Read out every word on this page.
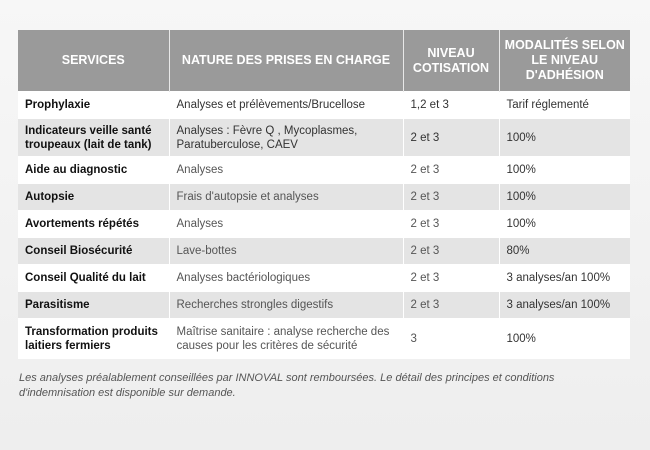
SERVICES	NATURE DES PRISES EN CHARGE	NIVEAU COTISATION	MODALITÉS SELON LE NIVEAU D'ADHÉSION
Prophylaxie	Analyses et prélèvements/Brucellose	1,2 et 3	Tarif réglementé
Indicateurs veille santé troupeaux (lait de tank)	Analyses : Fèvre Q , Mycoplasmes, Paratuberculose, CAEV	2 et 3	100%
Aide au diagnostic	Analyses	2 et 3	100%
Autopsie	Frais d'autopsie et analyses	2 et 3	100%
Avortements répétés	Analyses	2 et 3	100%
Conseil Biosécurité	Lave-bottes	2 et 3	80%
Conseil Qualité du lait	Analyses bactériologiques	2 et 3	3 analyses/an 100%
Parasitisme	Recherches strongles digestifs	2 et 3	3 analyses/an 100%
Transformation produits laitiers fermiers	Maîtrise sanitaire : analyse recherche des causes pour les critères de sécurité	3	100%
Les analyses préalablement conseillées par INNOVAL sont remboursées. Le détail des principes et conditions d'indemnisation est disponible sur demande.
